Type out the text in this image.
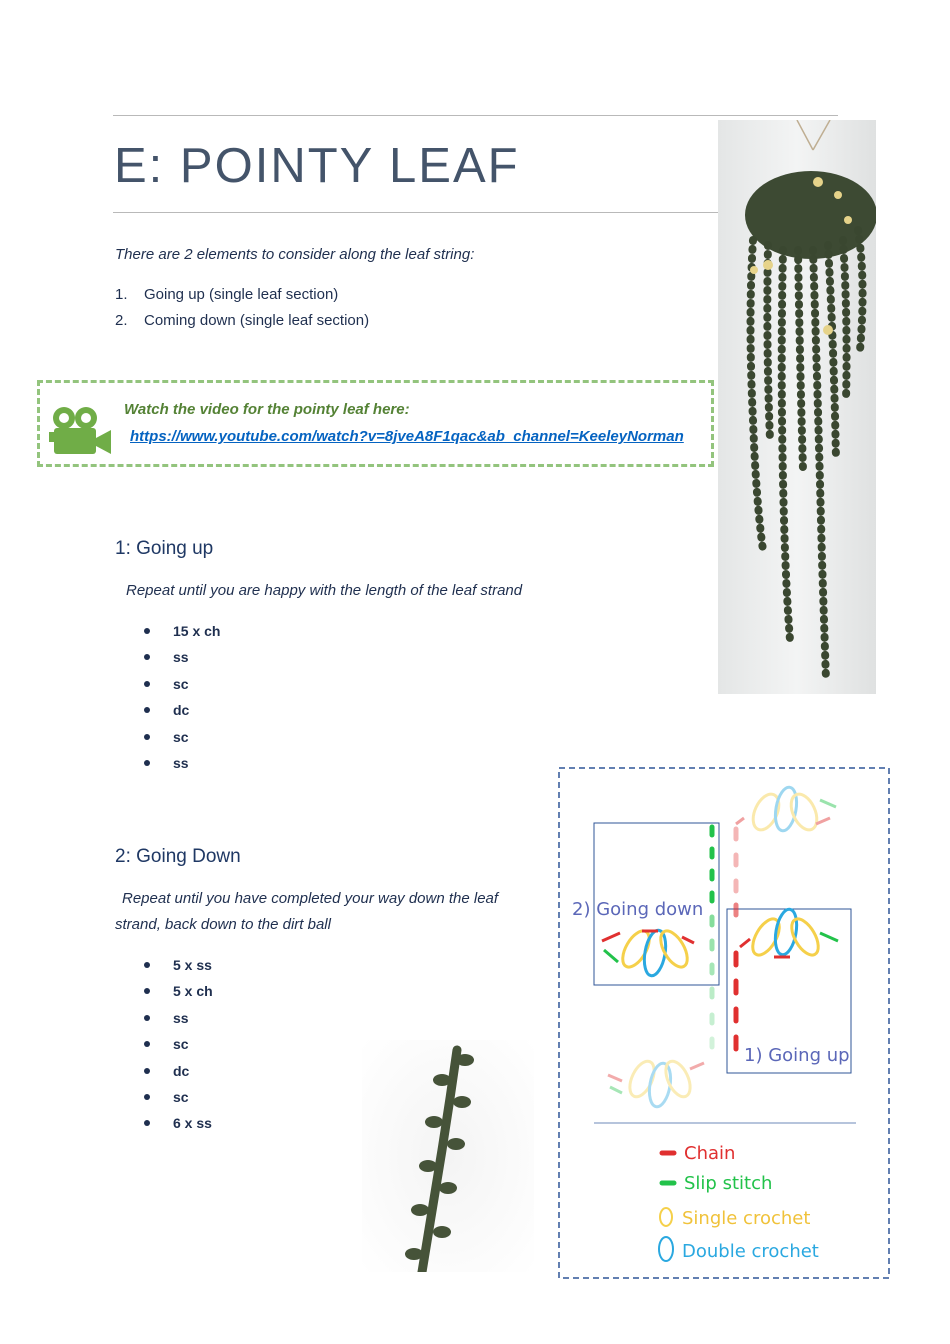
E: POINTY LEAF
There are 2 elements to consider along the leaf string:
1. Going up (single leaf section)
2. Coming down (single leaf section)
Watch the video for the pointy leaf here:
https://www.youtube.com/watch?v=8jveA8F1qac&ab_channel=KeeleyNorman
1: Going up
Repeat until you are happy with the length of the leaf strand
15 x ch
ss
sc
dc
sc
ss
2: Going Down
Repeat until you have completed your way down the leaf
strand, back down to the dirt ball
5 x ss
5 x ch
ss
sc
dc
sc
6 x ss
2) Going down
1) Going up
Chain
Slip stitch
Single crochet
Double crochet
